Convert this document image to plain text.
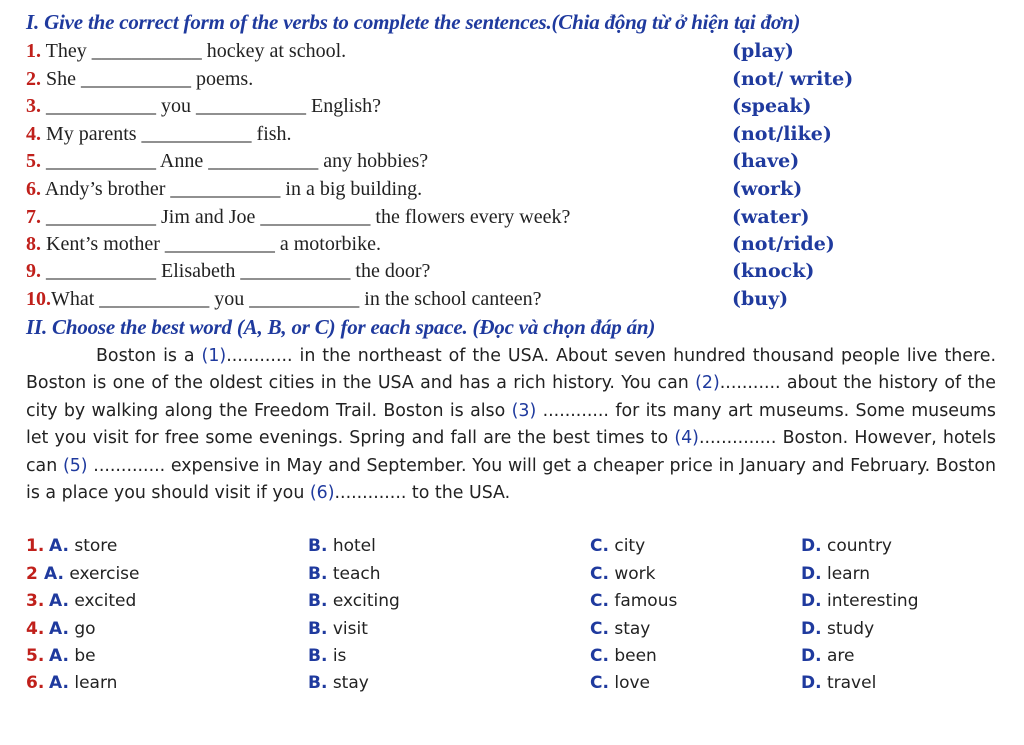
I. Give the correct form of the verbs to complete the sentences.(Chia động từ ở hiện tại đơn)
1. They ___________ hockey at school.	(play)
2. She ___________ poems.	(not/ write)
3. ___________ you ___________ English?	(speak)
4. My parents ___________ fish.	(not/like)
5. ___________ Anne ___________ any hobbies?	(have)
6. Andy’s brother ___________ in a big building.	(work)
7. ___________ Jim and Joe ___________ the flowers every week?	(water)
8. Kent’s mother ___________ a motorbike.	(not/ride)
9. ___________ Elisabeth ___________ the door?	(knock)
10.What ___________ you ___________ in the school canteen?	(buy)
II. Choose the best word (A, B, or C) for each space. (Đọc và chọn đáp án)

Boston is a (1)............ in the northeast of the USA. About seven hundred thousand people live there. Boston is one of the oldest cities in the USA and has a rich history. You can (2)........... about the history of the city by walking along the Freedom Trail. Boston is also (3) ............ for its many art museums. Some museums let you visit for free some evenings. Spring and fall are the best times to (4).............. Boston. However, hotels can (5) ............. expensive in May and September. You will get a cheaper price in January and February. Boston is a place you should visit if you (6)............. to the USA.

1. A. store	B. hotel	C. city	D. country
2 A. exercise	B. teach	C. work	D. learn
3. A. excited	B. exciting	C. famous	D. interesting
4. A. go	B. visit	C. stay	D. study
5. A. be	B. is	C. been	D. are
6. A. learn	B. stay	C. love	D. travel
